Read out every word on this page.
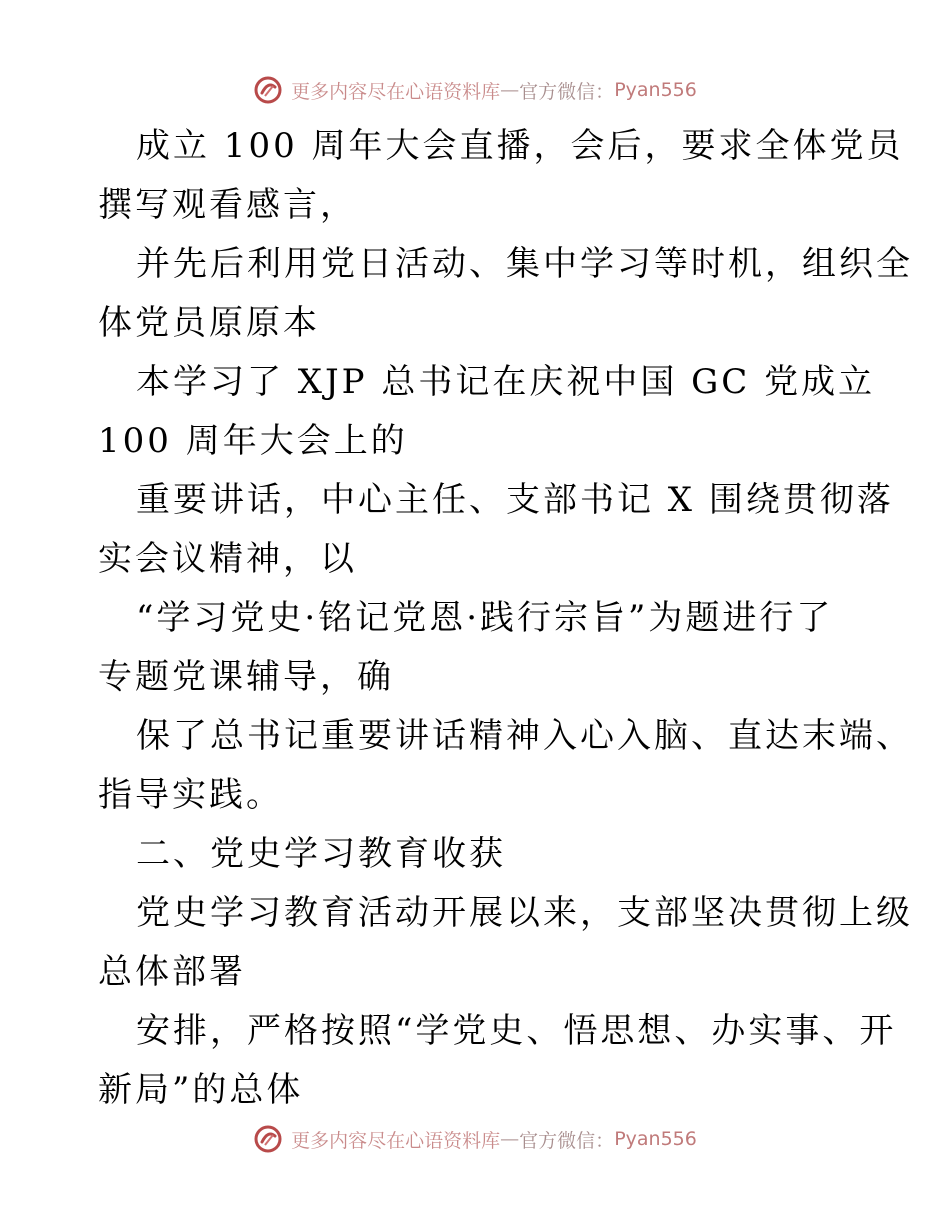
更多内容尽在心语资料库 — 官方微信： Pyan556
成立 100 周年大会直播，会后，要求全体党员
撰写观看感言，
并先后利用党日活动、集中学习等时机，组织全
体党员原原本
本学习了 XJP 总书记在庆祝中国 GC 党成立
100 周年大会上的
重要讲话，中心主任、支部书记 X 围绕贯彻落
实会议精神，以
“学习党史·铭记党恩·践行宗旨”为题进行了
专题党课辅导，确
保了总书记重要讲话精神入心入脑、直达末端、
指导实践。
二、党史学习教育收获
党史学习教育活动开展以来，支部坚决贯彻上级
总体部署
安排，严格按照“学党史、悟思想、办实事、开
新局”的总体
更多内容尽在心语资料库 — 官方微信： Pyan556
